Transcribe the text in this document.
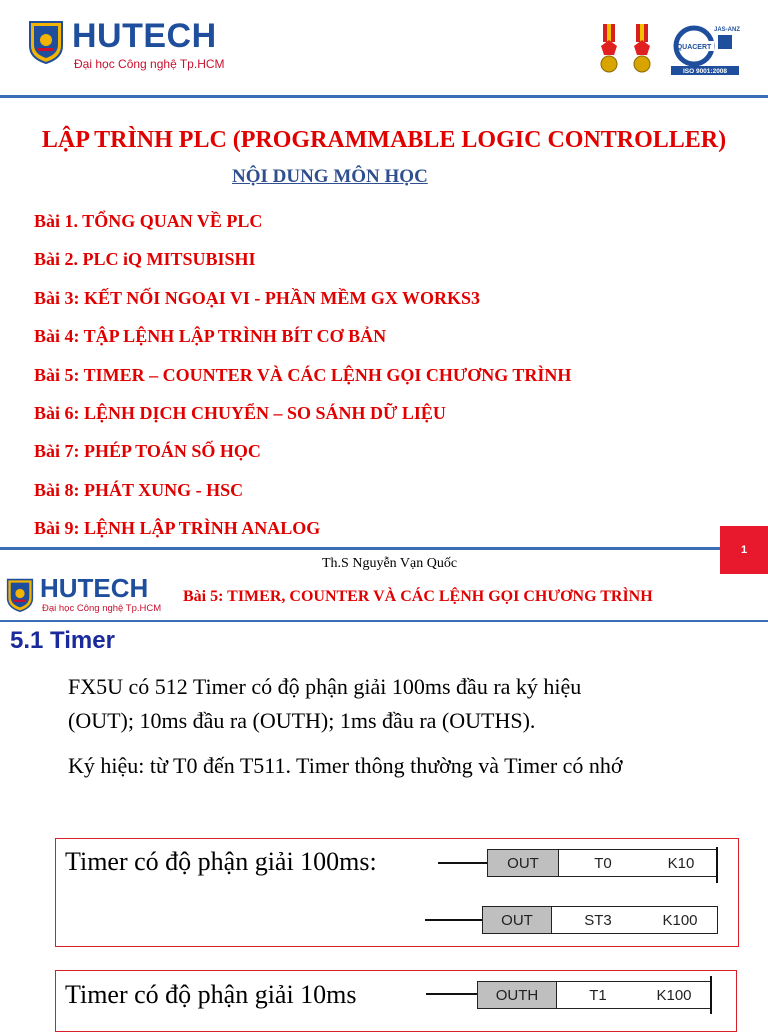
HUTECH
Đại học Công nghệ Tp.HCM
QUACERT
JAS-ANZ
ISO 9001:2008
LẬP TRÌNH PLC (PROGRAMMABLE LOGIC CONTROLLER)
NỘI DUNG MÔN HỌC
Bài 1. TỔNG QUAN VỀ PLC
Bài 2. PLC iQ MITSUBISHI
Bài 3: KẾT NỐI NGOẠI VI - PHẦN MỀM GX WORKS3
Bài 4: TẬP LỆNH LẬP TRÌNH BÍT CƠ BẢN
Bài 5: TIMER – COUNTER VÀ CÁC LỆNH GỌI CHƯƠNG TRÌNH
Bài 6: LỆNH DỊCH CHUYỂN – SO SÁNH DỮ LIỆU
Bài 7: PHÉP TOÁN SỐ HỌC
Bài 8: PHÁT XUNG - HSC
Bài 9: LỆNH LẬP TRÌNH ANALOG
1
Th.S Nguyễn Vạn Quốc
HUTECH
Đại học Công nghệ Tp.HCM
Bài 5: TIMER, COUNTER VÀ CÁC LỆNH GỌI CHƯƠNG TRÌNH
5.1 Timer

FX5U có 512 Timer có độ phận giải 100ms đầu ra ký hiệu

(OUT); 10ms đầu ra (OUTH); 1ms đầu ra (OUTHS).

Ký hiệu: từ T0 đến T511. Timer thông thường và Timer có nhớ

Timer có độ phận giải 100ms:	OUT	T0	K10
OUT	ST3	K100
Timer có độ phận giải 10ms	OUTH	T1	K100
